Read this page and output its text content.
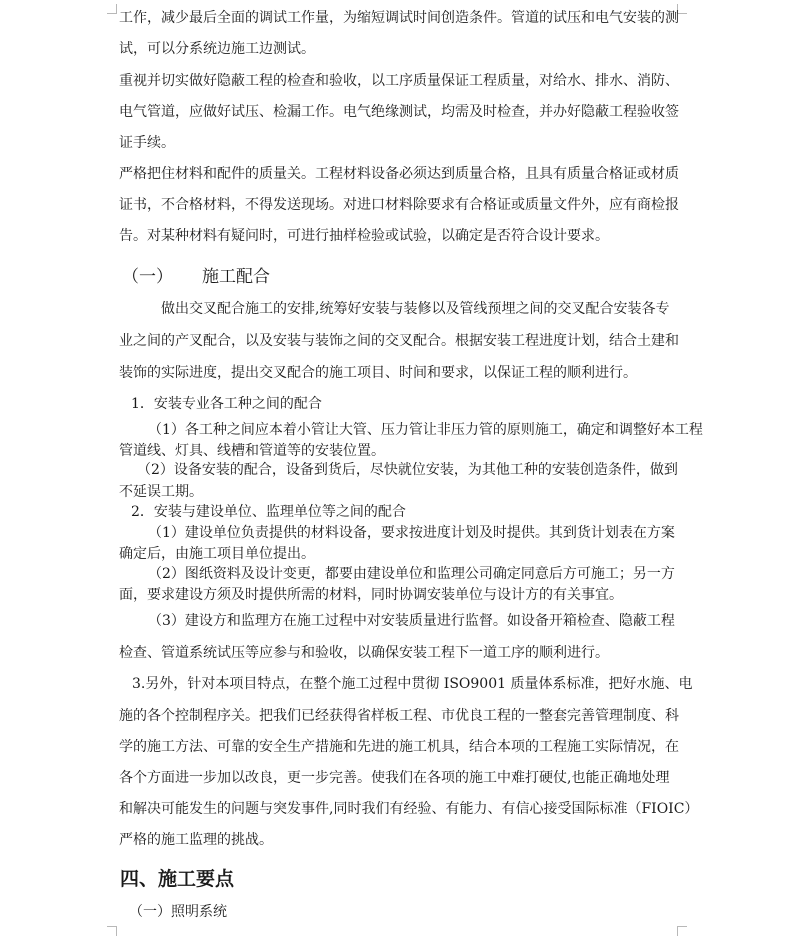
工作，减少最后全面的调试工作量，为缩短调试时间创造条件。管道的试压和电气安装的测

试，可以分系统边施工边测试。

重视并切实做好隐蔽工程的检查和验收，以工序质量保证工程质量，对给水、排水、消防、

电气管道，应做好试压、检漏工作。电气绝缘测试，均需及时检查，并办好隐蔽工程验收签

证手续。

严格把住材料和配件的质量关。工程材料设备必须达到质量合格，且具有质量合格证或材质

证书，不合格材料，不得发送现场。对进口材料除要求有合格证或质量文件外，应有商检报

告。对某种材料有疑问时，可进行抽样检验或试验，以确定是否符合设计要求。

（一） 施工配合

做出交叉配合施工的安排,统筹好安装与装修以及管线预埋之间的交叉配合安装各专

业之间的产叉配合，以及安装与装饰之间的交叉配合。根据安装工程进度计划，结合土建和

装饰的实际进度，提出交叉配合的施工项目、时间和要求，以保证工程的顺利进行。

1．安装专业各工种之间的配合

（1）各工种之间应本着小管让大管、压力管让非压力管的原则施工，确定和调整好本工程

管道线、灯具、线槽和管道等的安装位置。

（2）设备安装的配合，设备到货后，尽快就位安装，为其他工种的安装创造条件，做到

不延误工期。

2．安装与建设单位、监理单位等之间的配合

（1）建设单位负责提供的材料设备，要求按进度计划及时提供。其到货计划表在方案

确定后，由施工项目单位提出。

（2）图纸资料及设计变更，都要由建设单位和监理公司确定同意后方可施工；另一方

面，要求建设方须及时提供所需的材料，同时协调安装单位与设计方的有关事宜。

（3）建设方和监理方在施工过程中对安装质量进行监督。如设备开箱检查、隐蔽工程

检查、管道系统试压等应参与和验收，以确保安装工程下一道工序的顺利进行。

3.另外，针对本项目特点，在整个施工过程中贯彻 ISO9001 质量体系标准，把好水施、电

施的各个控制程序关。把我们已经获得省样板工程、市优良工程的一整套完善管理制度、科

学的施工方法、可靠的安全生产措施和先进的施工机具，结合本项的工程施工实际情况，在

各个方面进一步加以改良，更一步完善。使我们在各项的施工中难打硬仗,也能正确地处理

和解决可能发生的问题与突发事件,同时我们有经验、有能力、有信心接受国际标准（FIOIC）

严格的施工监理的挑战。

四、施工要点

（一）照明系统
